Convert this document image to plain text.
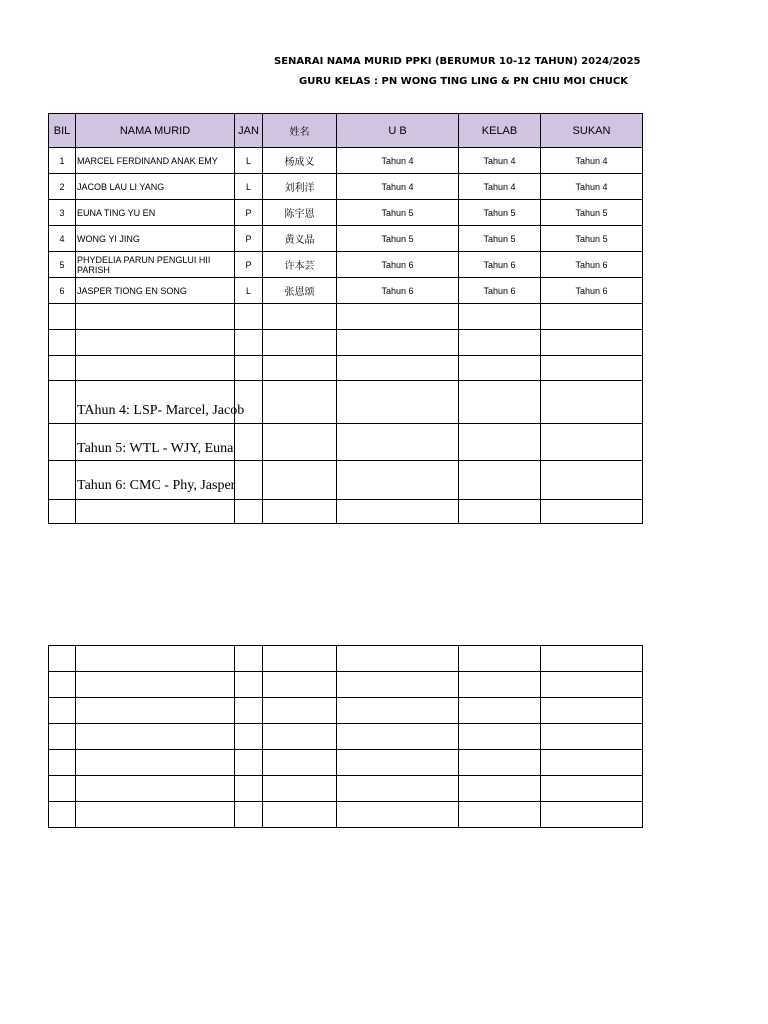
SENARAI NAMA MURID PPKI (BERUMUR 10-12 TAHUN) 2024/2025
GURU KELAS : PN WONG TING LING & PN CHIU MOI CHUCK
BIL	NAMA MURID	JAN	姓名	U B	KELAB	SUKAN
1	MARCEL FERDINAND ANAK EMY	L	杨成义	Tahun 4	Tahun 4	Tahun 4
2	JACOB LAU LI YANG	L	刘利洋	Tahun 4	Tahun 4	Tahun 4
3	EUNA TING YU EN	P	陈宇恩	Tahun 5	Tahun 5	Tahun 5
4	WONG YI JING	P	黄义晶	Tahun 5	Tahun 5	Tahun 5
5	PHYDELIA PARUN PENGLUI HII PARISH	P	许本芸	Tahun 6	Tahun 6	Tahun 6
6	JASPER TIONG EN SONG	L	张恩颂	Tahun 6	Tahun 6	Tahun 6

	TAhun 4: LSP- Marcel, Jacob					

	Tahun 5: WTL - WJY, Euna					

	Tahun 6: CMC - Phy, Jasper					
